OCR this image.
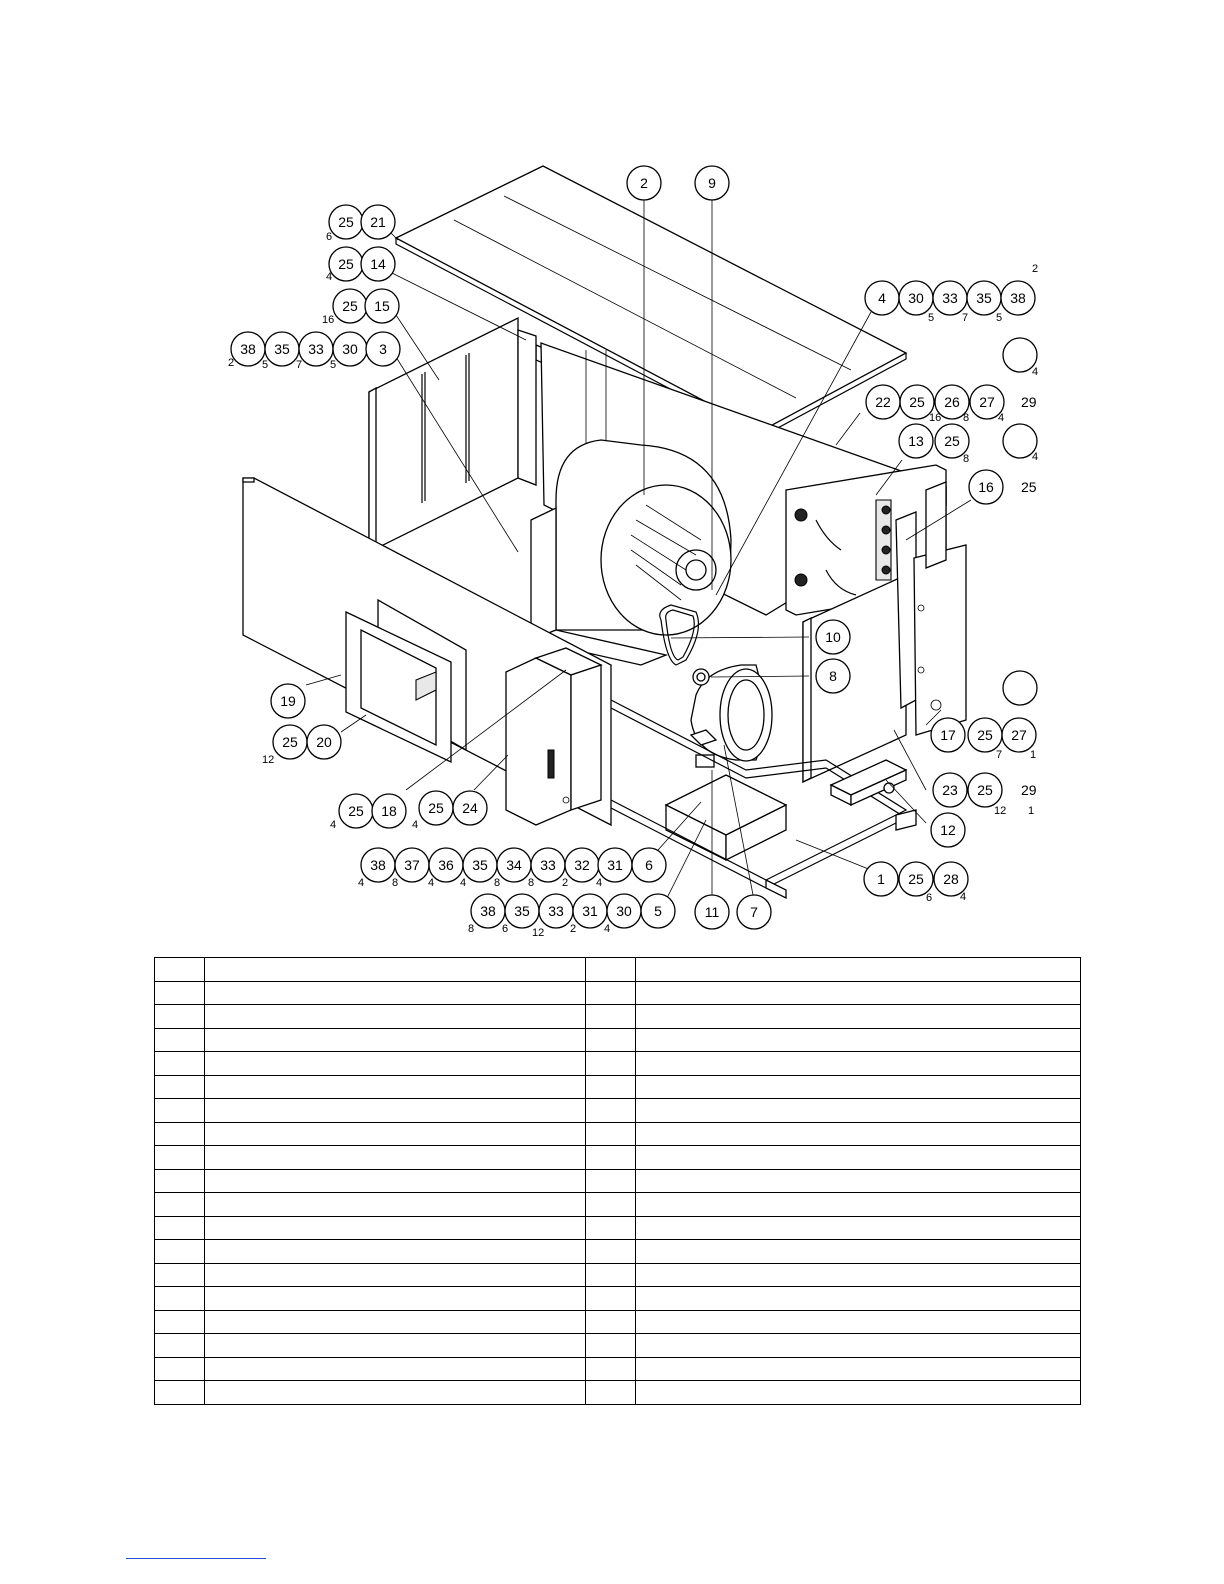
2	9
25 21
25 14
25 15
38 35 33 30 3
4 30 33 35 38
22 25 26 27
13 25
16
10
8
17 25 27
23 25
12
19
25 20
25 18 25 24
38 37 36 35 34 33 32 31 6
1 25 28
38 35 33 31 30 5	11 7
25
29
29
6
4
16
2	5	7	5
2
5	7	5
4
16 8	4
8	4
7	1
12 1
12
4	4
4	8	4 4	8	8	2	4
6	4
8	6 12 2	4
